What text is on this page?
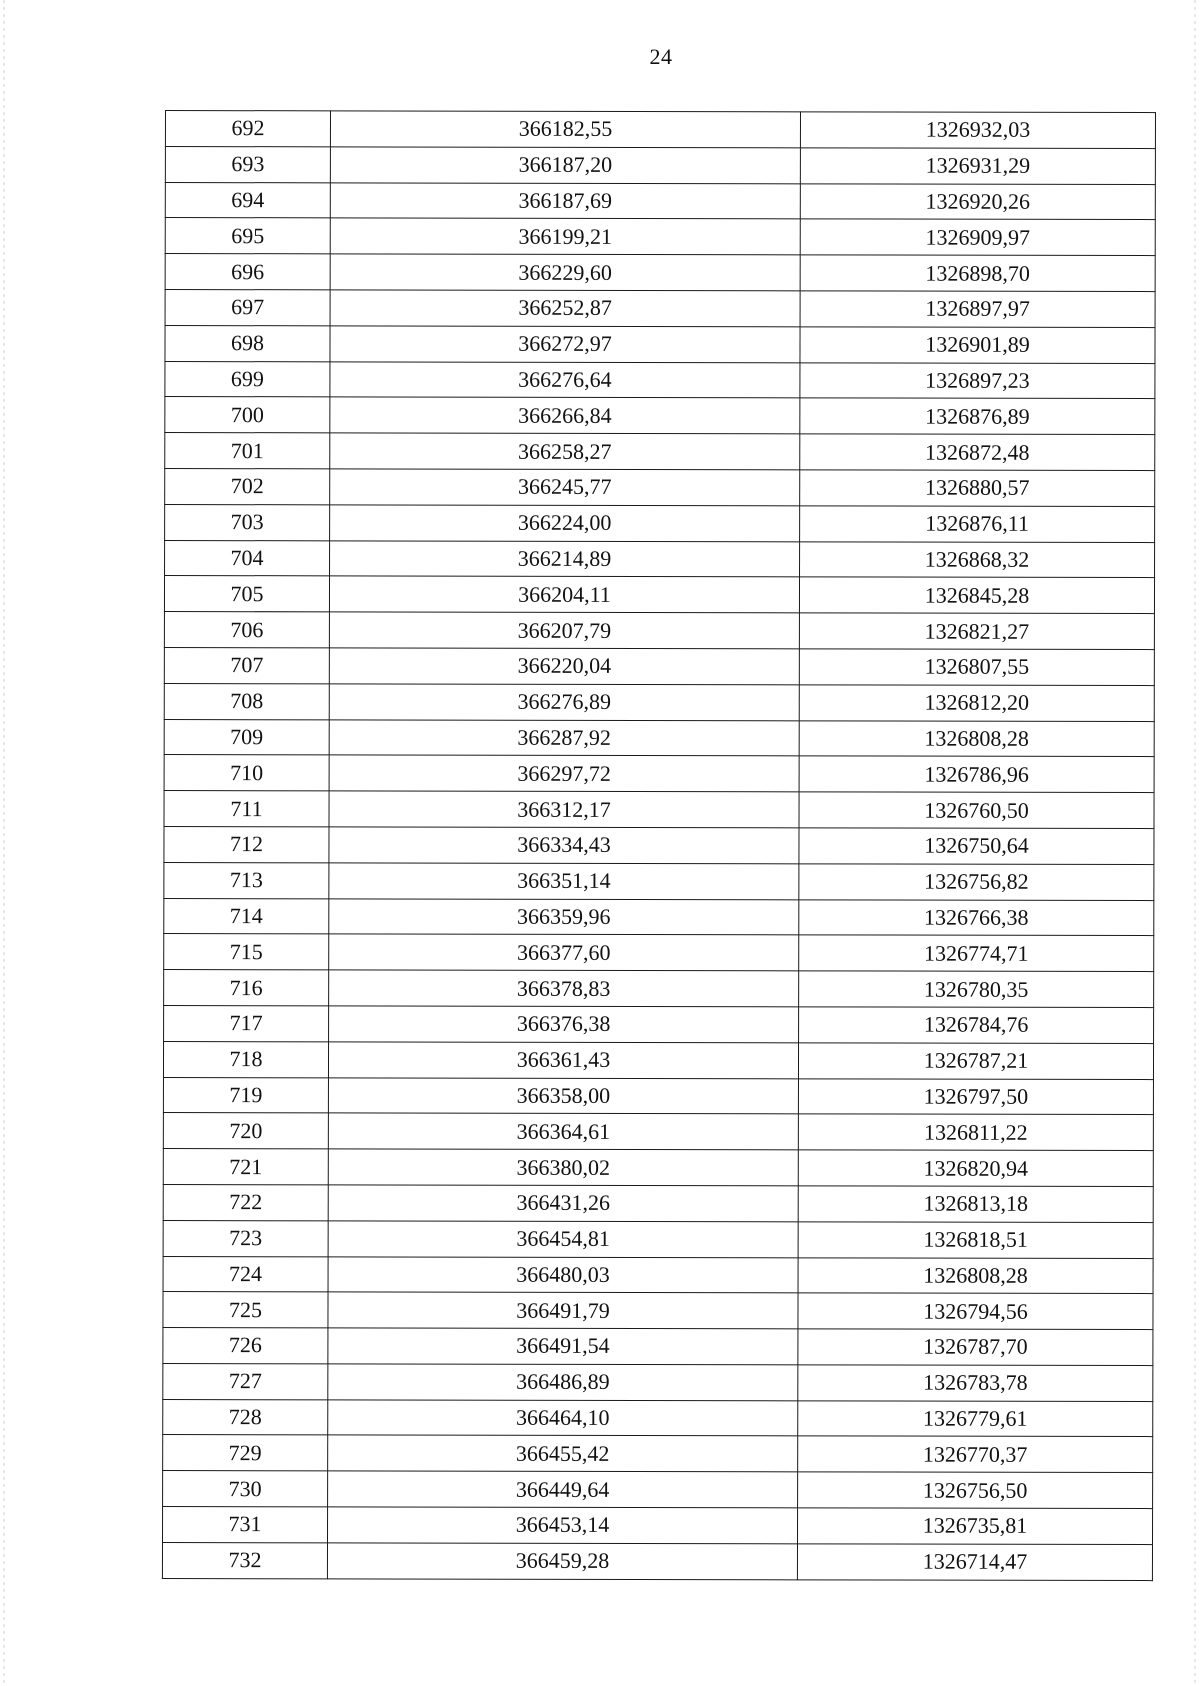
24
692	366182,55	1326932,03
693	366187,20	1326931,29
694	366187,69	1326920,26
695	366199,21	1326909,97
696	366229,60	1326898,70
697	366252,87	1326897,97
698	366272,97	1326901,89
699	366276,64	1326897,23
700	366266,84	1326876,89
701	366258,27	1326872,48
702	366245,77	1326880,57
703	366224,00	1326876,11
704	366214,89	1326868,32
705	366204,11	1326845,28
706	366207,79	1326821,27
707	366220,04	1326807,55
708	366276,89	1326812,20
709	366287,92	1326808,28
710	366297,72	1326786,96
711	366312,17	1326760,50
712	366334,43	1326750,64
713	366351,14	1326756,82
714	366359,96	1326766,38
715	366377,60	1326774,71
716	366378,83	1326780,35
717	366376,38	1326784,76
718	366361,43	1326787,21
719	366358,00	1326797,50
720	366364,61	1326811,22
721	366380,02	1326820,94
722	366431,26	1326813,18
723	366454,81	1326818,51
724	366480,03	1326808,28
725	366491,79	1326794,56
726	366491,54	1326787,70
727	366486,89	1326783,78
728	366464,10	1326779,61
729	366455,42	1326770,37
730	366449,64	1326756,50
731	366453,14	1326735,81
732	366459,28	1326714,47
